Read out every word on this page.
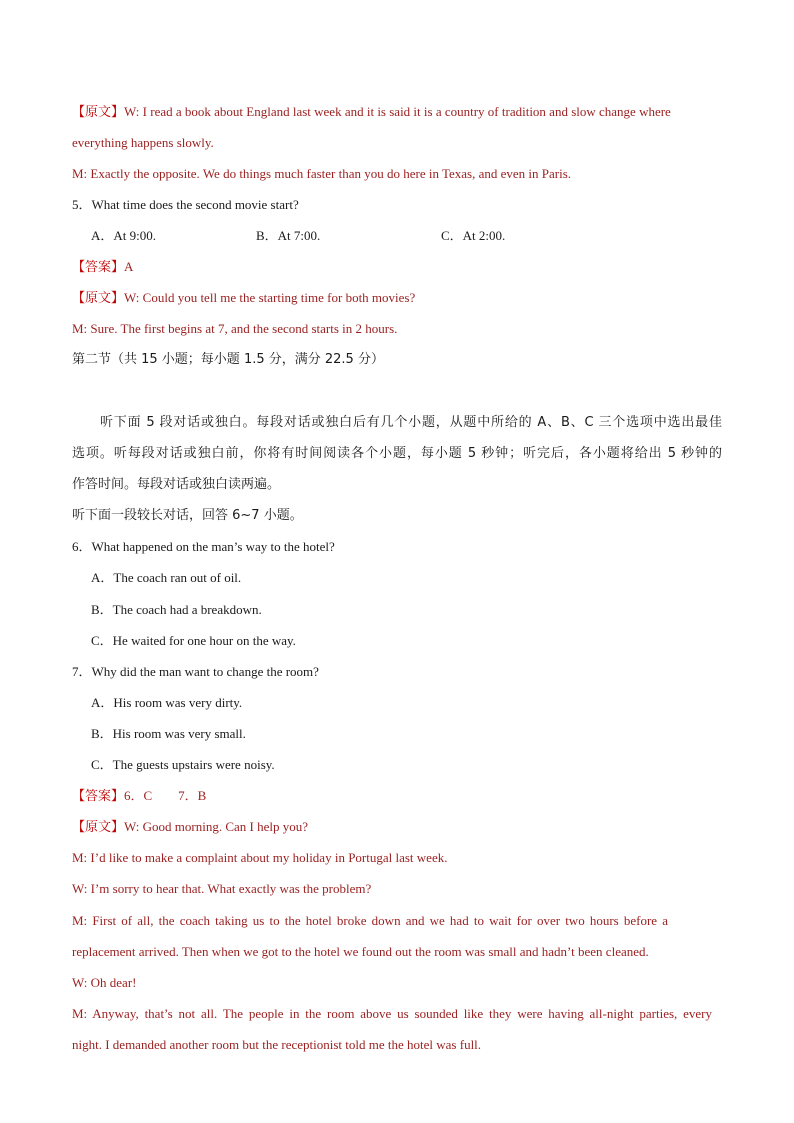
【原文】W: I read a book about England last week and it is said it is a country of tradition and slow change where
everything happens slowly.
M: Exactly the opposite. We do things much faster than you do here in Texas, and even in Paris.
5．What time does the second movie start?
A．At 9:00.	B．At 7:00.	C．At 2:00.
【答案】A
【原文】W: Could you tell me the starting time for both movies?
M: Sure. The first begins at 7, and the second starts in 2 hours.
第二节（共 15 小题；每小题 1.5 分，满分 22.5 分）
听下面 5 段对话或独白。每段对话或独白后有几个小题，从题中所给的 A、B、C 三个选项中选出最佳
选项。听每段对话或独白前，你将有时间阅读各个小题，每小题 5 秒钟；听完后，各小题将给出 5 秒钟的
作答时间。每段对话或独白读两遍。
听下面一段较长对话，回答 6~7 小题。
6．What happened on the man’s way to the hotel?
A．The coach ran out of oil.
B．The coach had a breakdown.
C．He waited for one hour on the way.
7．Why did the man want to change the room?
A．His room was very dirty.
B．His room was very small.
C．The guests upstairs were noisy.
【答案】6．C　　7．B
【原文】W: Good morning. Can I help you?
M: I’d like to make a complaint about my holiday in Portugal last week.
W: I’m sorry to hear that. What exactly was the problem?
M: First of all, the coach taking us to the hotel broke down and we had to wait for over two hours before a
replacement arrived. Then when we got to the hotel we found out the room was small and hadn’t been cleaned.
W: Oh dear!
M: Anyway, that’s not all. The people in the room above us sounded like they were having all-night parties, every
night. I demanded another room but the receptionist told me the hotel was full.
